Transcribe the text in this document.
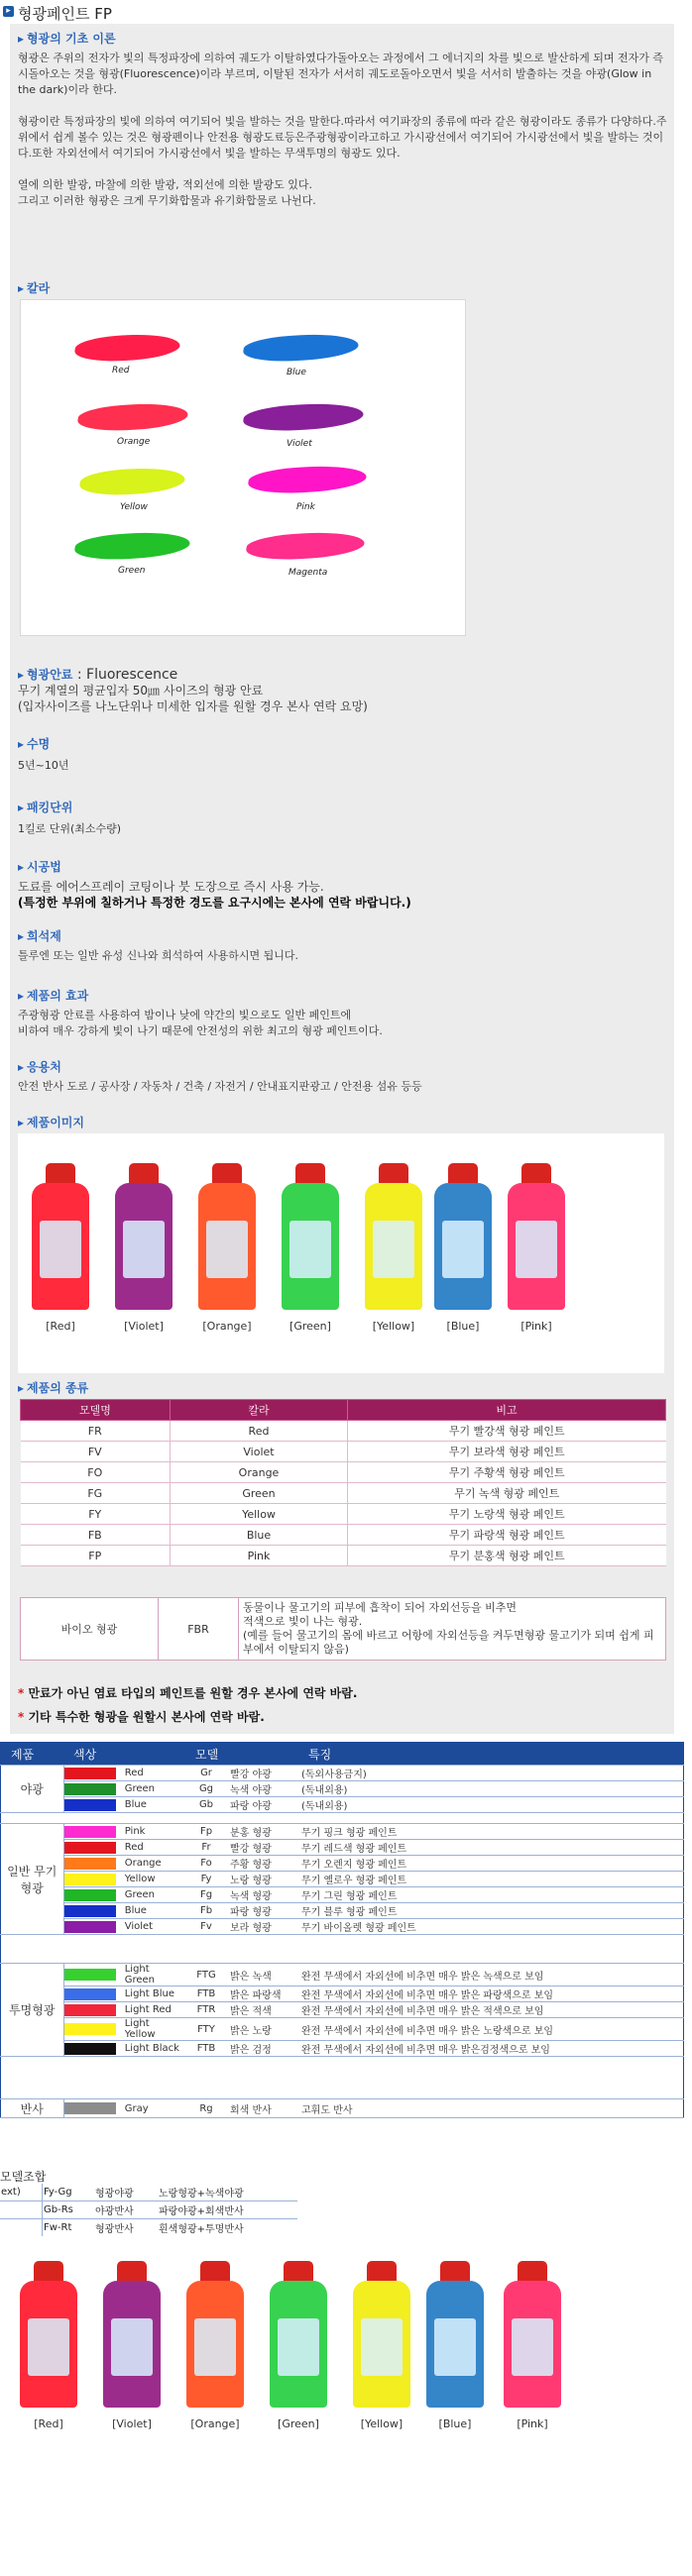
▸ 형광페인트 FP
▸ 형광의 기초 이론

형광은 주위의 전자가 빛의 특정파장에 의하여 궤도가 이탈하였다가돌아오는 과정에서 그 에너지의 차를 빛으로 발산하게 되며 전자가 즉시돌아오는 것을 형광(Fluorescence)이라 부르며, 이탈된 전자가 서서히 궤도로돌아오면서 빛을 서서히 발출하는 것을 야광(Glow in the dark)이라 한다.

형광이란 특정파장의 빛에 의하여 여기되어 빛을 발하는 것을 말한다.따라서 여기파장의 종류에 따라 같은 형광이라도 종류가 다양하다.주위에서 쉽게 볼수 있는 것은 형광펜이나 안전용 형광도료등은주광형광이라고하고 가시광선에서 여기되어 가시광선에서 빛을 발하는 것이다.또한 자외선에서 여기되어 가시광선에서 빛을 발하는 무색투명의 형광도 있다.

열에 의한 발광, 마찰에 의한 발광, 적외선에 의한 발광도 있다.

그리고 이러한 형광은 크게 무기화합물과 유기화합물로 나뉜다.

▸ 칼라
Red	Blue
Orange	Violet
Yellow	Pink
Green	Magenta
▸ 형광안료 : Fluorescence

무기 계열의 평균입자 50㎛ 사이즈의 형광 안료

(입자사이즈를 나노단위나 미세한 입자를 원할 경우 본사 연락 요망)

▸ 수명

5년~10년

▸ 패킹단위

1킬로 단위(최소수량)

▸ 시공법

도료를 에어스프레이 코팅이나 붓 도장으로 즉시 사용 가능.

(특정한 부위에 칠하거나 특정한 경도를 요구시에는 본사에 연락 바랍니다.)

▸ 희석제

틀루엔 또는 일반 유성 신나와 희석하여 사용하시면 됩니다.

▸ 제품의 효과

주광형광 안료를 사용하여 밤이나 낮에 약간의 빛으로도 일반 페인트에

비하여 매우 강하게 빛이 나기 때문에 안전성의 위한 최고의 형광 페인트이다.

▸ 응용처

안전 반사 도로 / 공사장 / 자동차 / 건축 / 자전거 / 안내표지판광고 / 안전용 섬유 등등

▸ 제품이미지
[Red]	[Violet]	[Orange]	[Green]	[Yellow]	[Blue]	[Pink]
▸ 제품의 종류
모델명	칼라	비고
FR	Red	무기 빨강색 형광 페인트
FV	Violet	무기 보라색 형광 페인트
FO	Orange	무기 주황색 형광 페인트
FG	Green	무기 녹색 형광 페인트
FY	Yellow	무기 노랑색 형광 페인트
FB	Blue	무기 파랑색 형광 페인트
FP	Pink	무기 분홍색 형광 페인트
바이오 형광	FBR	
동물이나 물고기의 피부에 흡착이 되어 자외선등을 비추면
적색으로 빛이 나는 형광.
(예를 들어 물고기의 몸에 바르고 어항에 자외선등을 켜두면형광 물고기가 되며 쉽게 피부에서 이탈되지 않음)
* 만료가 아닌 염료 타입의 페인트를 원할 경우 본사에 연락 바람.
* 기타 특수한 형광을 원할시 본사에 연락 바람.
제품	색상		모델		특징
야광		Red	Gr	빨강 야광	(독외사용금지)
		Green	Gg	녹색 야광	(독내외용)
		Blue	Gb	파랑 야광	(독내외용)

일반 무기 형광		Pink	Fp	분홍 형광	무기 핑크 형광 페인트
		Red	Fr	빨강 형광	무기 레드색 형광 페인트
		Orange	Fo	주황 형광	무기 오렌지 형광 페인트
		Yellow	Fy	노랑 형광	무기 옐로우 형광 페인트
		Green	Fg	녹색 형광	무기 그린 형광 페인트
		Blue	Fb	파랑 형광	무기 블루 형광 페인트
		Violet	Fv	보라 형광	무기 바이올렛 형광 페인트

투명형광		Light Green	FTG	밝은 녹색	완전 무색에서 자외선에 비추면 매우 밝은 녹색으로 보임
		Light Blue	FTB	밝은 파랑색	완전 무색에서 자외선에 비추면 매우 밝은 파랑색으로 보임
		Light Red	FTR	밝은 적색	완전 무색에서 자외선에 비추면 매우 밝은 적색으로 보임
		Light Yellow	FTY	밝은 노랑	완전 무색에서 자외선에 비추면 매우 밝은 노랑색으로 보임
		Light Black	FTB	밝은 검정	완전 무색에서 자외선에 비추면 매우 밝은검정색으로 보임

반사		Gray	Rg	회색 반사	고휘도 반사
모델조합
ext)	Fy-Gg	형광야광	노랑형광+녹색야광
	Gb-Rs	야광반사	파랑야광+회색반사
	Fw-Rt	형광반사	흰색형광+투명반사
[Red]	[Violet]	[Orange]	[Green]	[Yellow]	[Blue]	[Pink]
